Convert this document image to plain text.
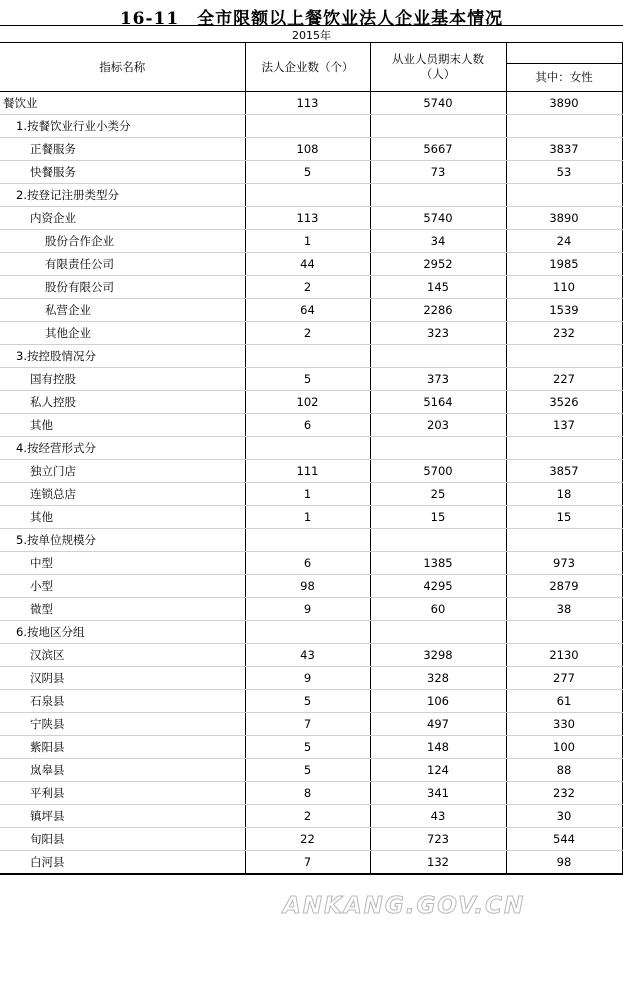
16-11　全市限额以上餐饮业法人企业基本情况
2015年
指标名称	法人企业数（个）	从业人员期末人数（人）	
			其中：女性
餐饮业	113	5740	3890
1.按餐饮业行业小类分			
正餐服务	108	5667	3837
快餐服务	5	73	53
2.按登记注册类型分			
内资企业	113	5740	3890
股份合作企业	1	34	24
有限责任公司	44	2952	1985
股份有限公司	2	145	110
私营企业	64	2286	1539
其他企业	2	323	232
3.按控股情况分			
国有控股	5	373	227
私人控股	102	5164	3526
其他	6	203	137
4.按经营形式分			
独立门店	111	5700	3857
连锁总店	1	25	18
其他	1	15	15
5.按单位规模分			
中型	6	1385	973
小型	98	4295	2879
微型	9	60	38
6.按地区分组			
汉滨区	43	3298	2130
汉阴县	9	328	277
石泉县	5	106	61
宁陕县	7	497	330
紫阳县	5	148	100
岚皋县	5	124	88
平利县	8	341	232
镇坪县	2	43	30
旬阳县	22	723	544
白河县	7	132	98
ANKANG.GOV.CN
